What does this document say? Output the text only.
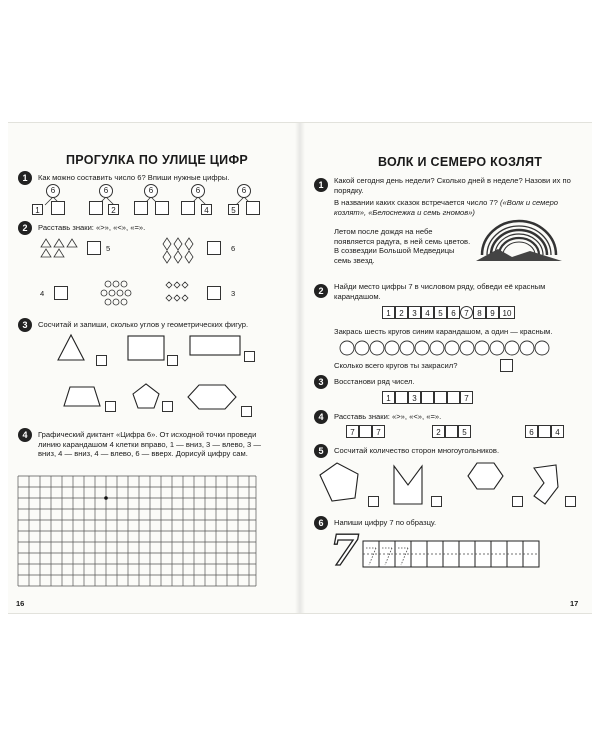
ПРОГУЛКА ПО УЛИЦЕ ЦИФР
1	Как можно составить число 6? Впиши нужные цифры.
6	6	6	6	6
1	2	4	5
2	Расставь знаки: «>», «<», «=».
5	6
4	3
3	Сосчитай и запиши, сколько углов у геометрических фигур.
4	Графический диктант «Цифра 6». От исходной точки проведи линию карандашом 4 клетки вправо, 1 — вниз, 3 — влево, 3 — вниз, 4 — вниз, 4 — влево, 6 — вверх. Дорисуй цифру сам.
16
ВОЛК И СЕМЕРО КОЗЛЯТ
1	Какой сегодня день недели? Сколько дней в неделе? Назови их по порядку.
В названии каких сказок встречается число 7? («Волк и семеро козлят», «Белоснежка и семь гномов»)
Летом после дождя на небе появляется радуга, в ней семь цветов. В созвездии Большой Медведицы семь звезд.
2	Найди место цифры 7 в числовом ряду, обведи её красным карандашом.
1	2	3	4	5	6	7	8	9 10
Закрась шесть кругов синим карандашом, а один — красным.
Сколько всего кругов ты закрасил?
3	Восстанови ряд чисел.
1	3	7
4	Расставь знаки: «>», «<», «=».
7	7	2	5	6	4
5	Сосчитай количество сторон многоугольников.
6	Напиши цифру 7 по образцу.
7
17
